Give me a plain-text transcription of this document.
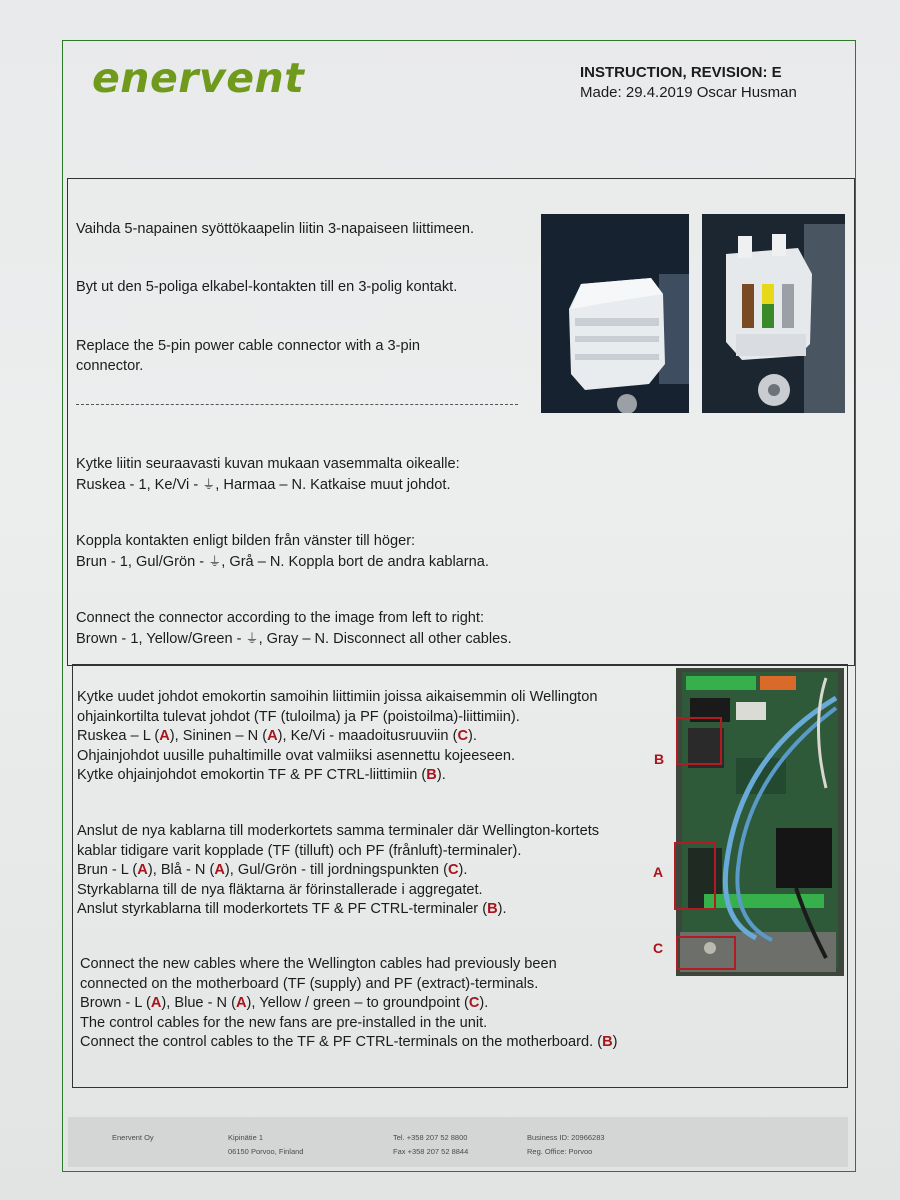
enervent	INSTRUCTION, REVISION: E
Made: 29.4.2019 Oscar Husman

Vaihda 5-napainen syöttökaapelin liitin 3-napaiseen liittimeen.

Byt ut den 5-poliga elkabel-kontakten till en 3-polig kontakt.

Replace the 5-pin power cable connector with a 3-pin
connector.

Kytke liitin seuraavasti kuvan mukaan vasemmalta oikealle:
Ruskea - 1, Ke/Vi - ⏚, Harmaa – N. Katkaise muut johdot.

Koppla kontakten enligt bilden från vänster till höger:
Brun - 1, Gul/Grön - ⏚, Grå – N. Koppla bort de andra kablarna.

Connect the connector according to the image from left to right:
Brown - 1, Yellow/Green - ⏚, Gray – N. Disconnect all other cables.

Kytke uudet johdot emokortin samoihin liittimiin joissa aikaisemmin oli Wellington
ohjainkortilta tulevat johdot (TF (tuloilma) ja PF (poistoilma)-liittimiin).
Ruskea – L (A), Sininen – N (A), Ke/Vi - maadoitusruuviin (C).
Ohjainjohdot uusille puhaltimille ovat valmiiksi asennettu kojeeseen.
Kytke ohjainjohdot emokortin TF & PF CTRL-liittimiin (B).

Anslut de nya kablarna till moderkortets samma terminaler där Wellington-kortets
kablar tidigare varit kopplade (TF (tilluft) och PF (frånluft)-terminaler).
Brun - L (A), Blå - N (A), Gul/Grön - till jordningspunkten (C).
Styrkablarna till de nya fläktarna är förinstallerade i aggregatet.
Anslut styrkablarna till moderkortets TF & PF CTRL-terminaler (B).

Connect the new cables where the Wellington cables had previously been
connected on the motherboard (TF (supply) and PF (extract)-terminals.
Brown - L (A), Blue - N (A), Yellow / green – to groundpoint (C).
The control cables for the new fans are pre-installed in the unit.
Connect the control cables to the TF & PF CTRL-terminals on the motherboard. (B)

B
A
C
Enervent Oy	Kipinätie 1
06150 Porvoo, Finland
Tel. +358 207 52 8800
Fax +358 207 52 8844
Business ID: 20966283
Reg. Office: Porvoo
